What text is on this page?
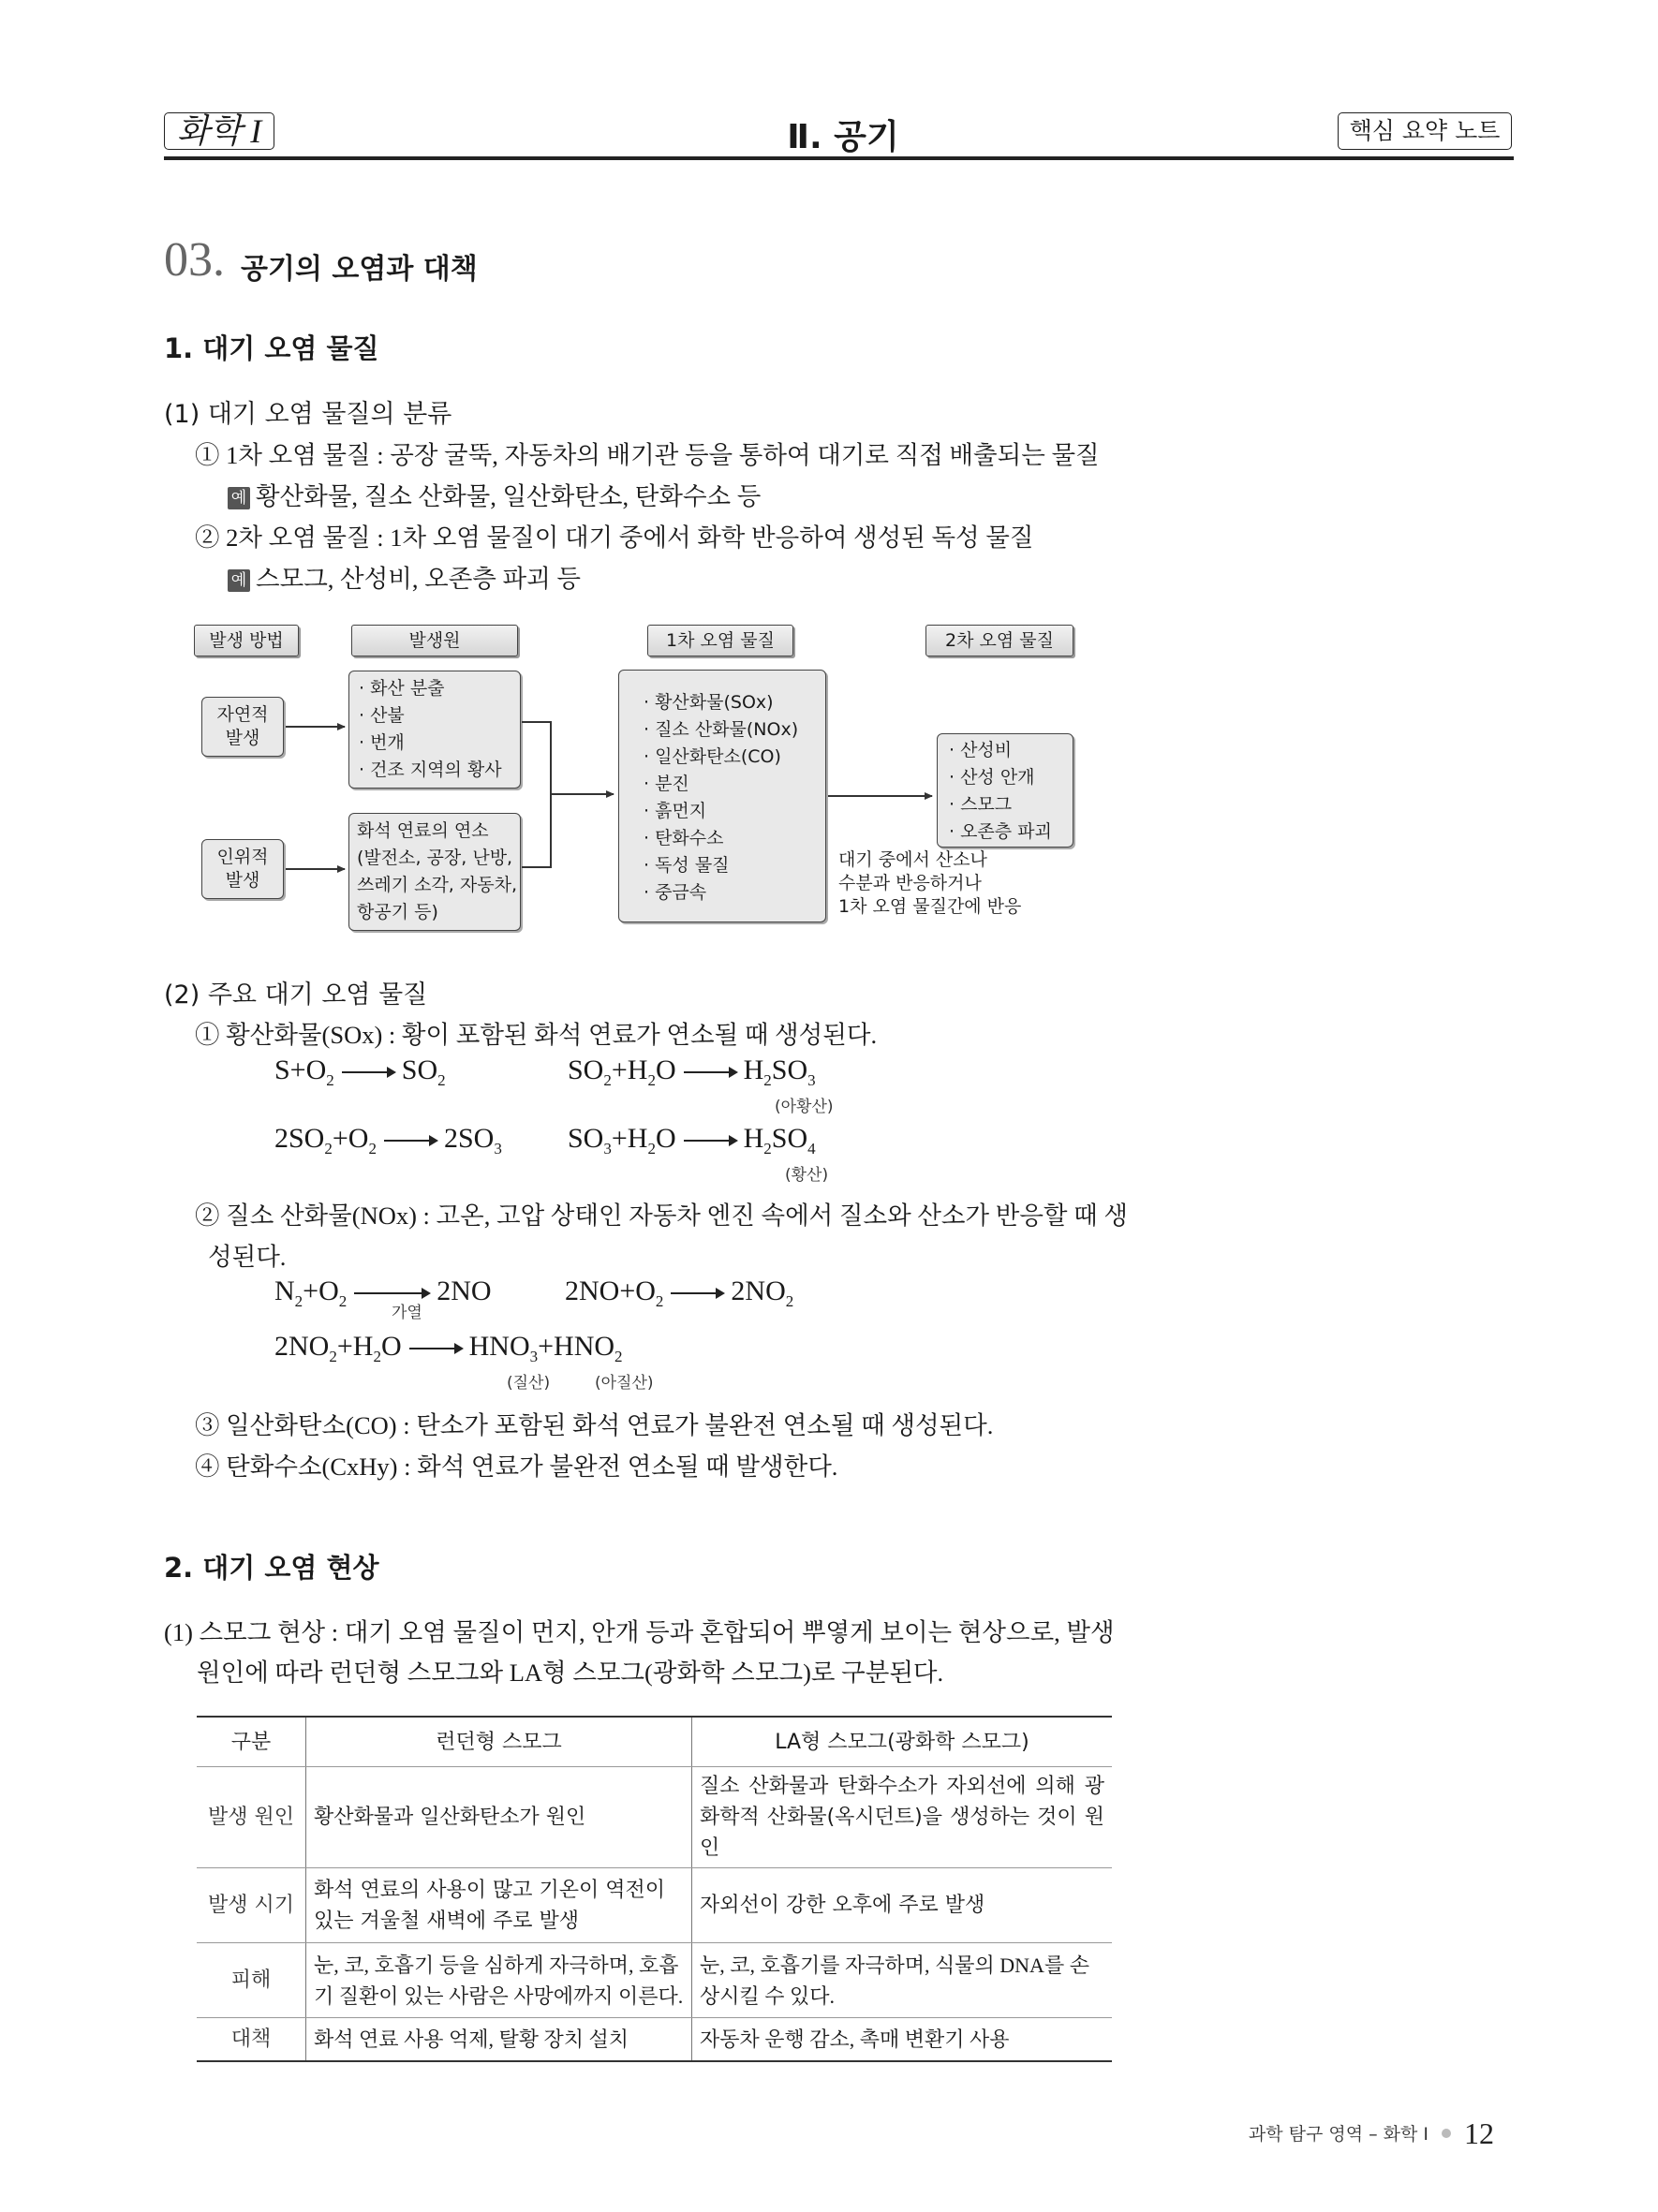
화학 I	Ⅱ. 공기	핵심 요약 노트
03. 공기의 오염과 대책
1. 대기 오염 물질
(1) 대기 오염 물질의 분류
① 1차 오염 물질 : 공장 굴뚝, 자동차의 배기관 등을 통하여 대기로 직접 배출되는 물질
예 황산화물, 질소 산화물, 일산화탄소, 탄화수소 등
② 2차 오염 물질 : 1차 오염 물질이 대기 중에서 화학 반응하여 생성된 독성 물질
예 스모그, 산성비, 오존층 파괴 등
발생 방법	발생원	1차 오염 물질	2차 오염 물질
자연적
발생
인위적
발생
· 화산 분출
· 산불
· 번개
· 건조 지역의 황사
화석 연료의 연소
(발전소, 공장, 난방,
쓰레기 소각, 자동차,
항공기 등)
· 황산화물(SOx)
· 질소 산화물(NOx)
· 일산화탄소(CO)
· 분진
· 흙먼지
· 탄화수소
· 독성 물질
· 중금속
· 산성비
· 산성 안개
· 스모그
· 오존층 파괴
대기 중에서 산소나
수분과 반응하거나
1차 오염 물질간에 반응
(2) 주요 대기 오염 물질
① 황산화물(SOx) : 황이 포함된 화석 연료가 연소될 때 생성된다.
$S+O_2$ $SO_2$	$SO_2+H_2O$ $H_2SO_3$
(아황산)
$2SO_2+O_2$ $2SO_3$ $SO_3+H_2O$ $H_2SO_4$
(황산)
② 질소 산화물(NOx) : 고온, 고압 상태인 자동차 엔진 속에서 질소와 산소가 반응할 때 생
성된다.
$N_2+O_2$	2NO
가열
$2NO+O_2$ $2NO_2$
$2NO_2+H_2O$ $HNO_3+HNO_2$
(질산)	(아질산)
③ 일산화탄소(CO) : 탄소가 포함된 화석 연료가 불완전 연소될 때 생성된다.
④ 탄화수소(CxHy) : 화석 연료가 불완전 연소될 때 발생한다.
2. 대기 오염 현상
(1) 스모그 현상 : 대기 오염 물질이 먼지, 안개 등과 혼합되어 뿌옇게 보이는 현상으로, 발생
원인에 따라 런던형 스모그와 LA형 스모그(광화학 스모그)로 구분된다.
구분	런던형 스모그	LA형 스모그(광화학 스모그)
발생 원인	황산화물과 일산화탄소가 원인	질소 산화물과 탄화수소가 자외선에 의해 광화학적 산화물(옥시던트)을 생성하는 것이 원인
발생 시기	화석 연료의 사용이 많고 기온이 역전이 있는 겨울철 새벽에 주로 발생	자외선이 강한 오후에 주로 발생
피해	눈, 코, 호흡기 등을 심하게 자극하며, 호흡기 질환이 있는 사람은 사망에까지 이른다.	눈, 코, 호흡기를 자극하며, 식물의 DNA를 손상시킬 수 있다.
대책	화석 연료 사용 억제, 탈황 장치 설치	자동차 운행 감소, 촉매 변환기 사용
과학 탐구 영역 – 화학 I 12
